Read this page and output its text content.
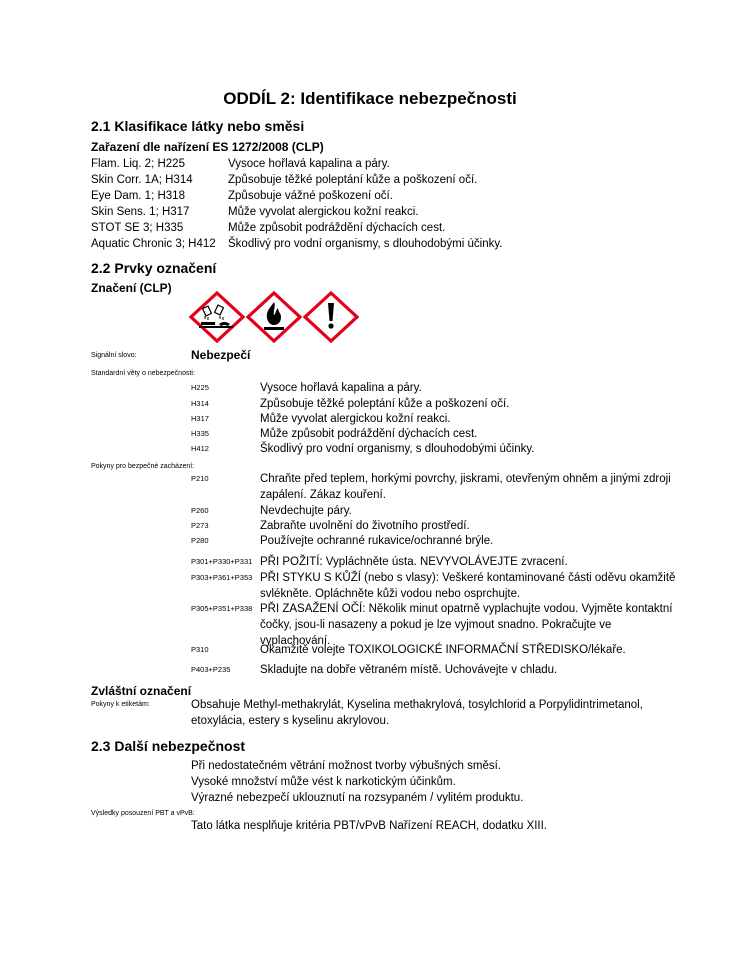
ODDÍL 2: Identifikace nebezpečnosti
2.1 Klasifikace látky nebo směsi
Zařazení dle nařízení ES 1272/2008 (CLP)
Flam. Liq. 2; H225	Vysoce hořlavá kapalina a páry.
Skin Corr. 1A; H314	Způsobuje těžké poleptání kůže a poškození očí.
Eye Dam. 1; H318	Způsobuje vážné poškození očí.
Skin Sens. 1; H317	Může vyvolat alergickou kožní reakci.
STOT SE 3; H335	Může způsobit podráždění dýchacích cest.
Aquatic Chronic 3; H412 Škodlivý pro vodní organismy, s dlouhodobými účinky.
2.2 Prvky označení
Značení (CLP)
Signální slovo:	Nebezpečí
Standardní věty o nebezpečnosti:
H225	Vysoce hořlavá kapalina a páry.
H314	Způsobuje těžké poleptání kůže a poškození očí.
H317	Může vyvolat alergickou kožní reakci.
H335	Může způsobit podráždění dýchacích cest.
H412	Škodlivý pro vodní organismy, s dlouhodobými účinky.
Pokyny pro bezpečné zacházení:
P210	Chraňte před teplem, horkými povrchy, jiskrami, otevřeným ohněm a jinými zdroji zapálení. Zákaz kouření.
P260	Nevdechujte páry.
P273	Zabraňte uvolnění do životního prostředí.
P280	Používejte ochranné rukavice/ochranné brýle.
P301+P330+P331 PŘI POŽITÍ: Vypláchněte ústa. NEVYVOLÁVEJTE zvracení.
P303+P361+P353 PŘI STYKU S KŮŽÍ (nebo s vlasy): Veškeré kontaminované části oděvu okamžitě svlékněte. Opláchněte kůži vodou nebo osprchujte.
P305+P351+P338 PŘI ZASAŽENÍ OČÍ: Několik minut opatrně vyplachujte vodou. Vyjměte kontaktní čočky, jsou-li nasazeny a pokud je lze vyjmout snadno. Pokračujte ve vyplachování.
P310	Okamžitě volejte TOXIKOLOGICKÉ INFORMAČNÍ STŘEDISKO/lékaře.
P403+P235	Skladujte na dobře větraném místě. Uchovávejte v chladu.
Zvláštní označení
Pokyny k etiketám:	Obsahuje Methyl-methakrylát, Kyselina methakrylová, tosylchlorid a Porpylidintrimetanol, etoxylácia, estery s kyselinu akrylovou.
2.3 Další nebezpečnost
Při nedostatečném větrání možnost tvorby výbušných směsí.
Vysoké množství může vést k narkotickým účinkům.
Výrazné nebezpečí uklouznutí na rozsypaném / vylitém produktu.
Výsledky posouzení PBT a vPvB:
Tato látka nesplňuje kritéria PBT/vPvB Nařízení REACH, dodatku XIII.
